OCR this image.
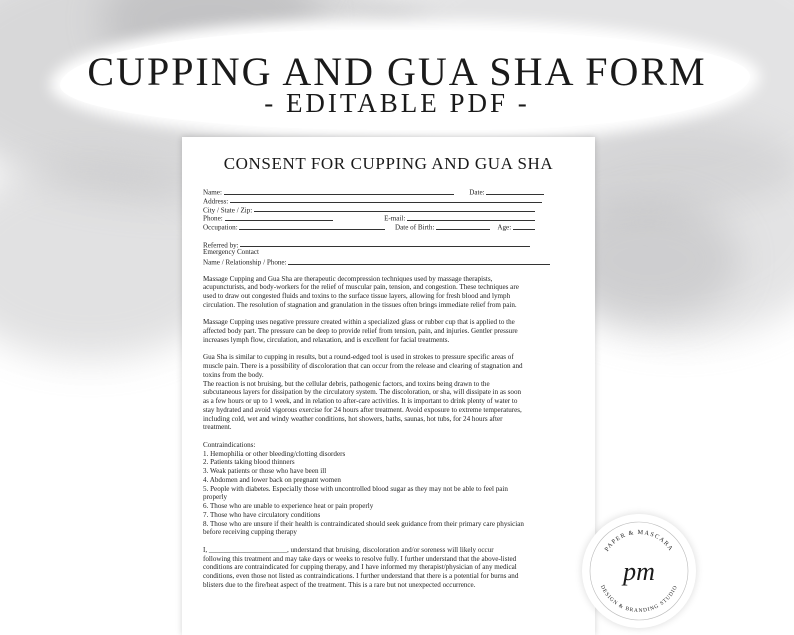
CUPPING AND GUA SHA FORM
- EDITABLE PDF -
CONSENT FOR CUPPING AND GUA SHA
Name:	Date:
Address:
City / State / Zip:
Phone:	E-mail:
Occupation:	Date of Birth:	Age:
Referred by:
Emergency Contact
Name / Relationship / Phone:
Massage Cupping and Gua Sha are therapeutic decompression techniques used by massage therapists,
acupuncturists, and body-workers for the relief of muscular pain, tension, and congestion. These techniques are
used to draw out congested fluids and toxins to the surface tissue layers, allowing for fresh blood and lymph
circulation. The resolution of stagnation and granulation in the tissues often brings immediate relief from pain.
Massage Cupping uses negative pressure created within a specialized glass or rubber cup that is applied to the
affected body part. The pressure can be deep to provide relief from tension, pain, and injuries. Gentler pressure
increases lymph flow, circulation, and relaxation, and is excellent for facial treatments.
Gua Sha is similar to cupping in results, but a round-edged tool is used in strokes to pressure specific areas of
muscle pain. There is a possibility of discoloration that can occur from the release and clearing of stagnation and
toxins from the body.
The reaction is not bruising, but the cellular debris, pathogenic factors, and toxins being drawn to the
subcutaneous layers for dissipation by the circulatory system. The discoloration, or sha, will dissipate in as soon
as a few hours or up to 1 week, and in relation to after-care activities. It is important to drink plenty of water to
stay hydrated and avoid vigorous exercise for 24 hours after treatment. Avoid exposure to extreme temperatures,
including cold, wet and windy weather conditions, hot showers, baths, saunas, hot tubs, for 24 hours after
treatment.
Contraindications:
1. Hemophilia or other bleeding/clotting disorders
2. Patients taking blood thinners
3. Weak patients or those who have been ill
4. Abdomen and lower back on pregnant women
5. People with diabetes. Especially those with uncontrolled blood sugar as they may not be able to feel pain
properly
6. Those who are unable to experience heat or pain properly
7. Those who have circulatory conditions
8. Those who are unsure if their health is contraindicated should seek guidance from their primary care physician
before receiving cupping therapy
I, ______________________, understand that bruising, discoloration and/or soreness will likely occur
following this treatment and may take days or weeks to resolve fully. I further understand that the above-listed
conditions are contraindicated for cupping therapy, and I have informed my therapist/physician of any medical
conditions, even those not listed as contraindications. I further understand that there is a potential for burns and
blisters due to the fire/heat aspect of the treatment. This is a rare but not unexpected occurrence.
PAPER & MASCARA
DESIGN & BRANDING STUDIO
pm
